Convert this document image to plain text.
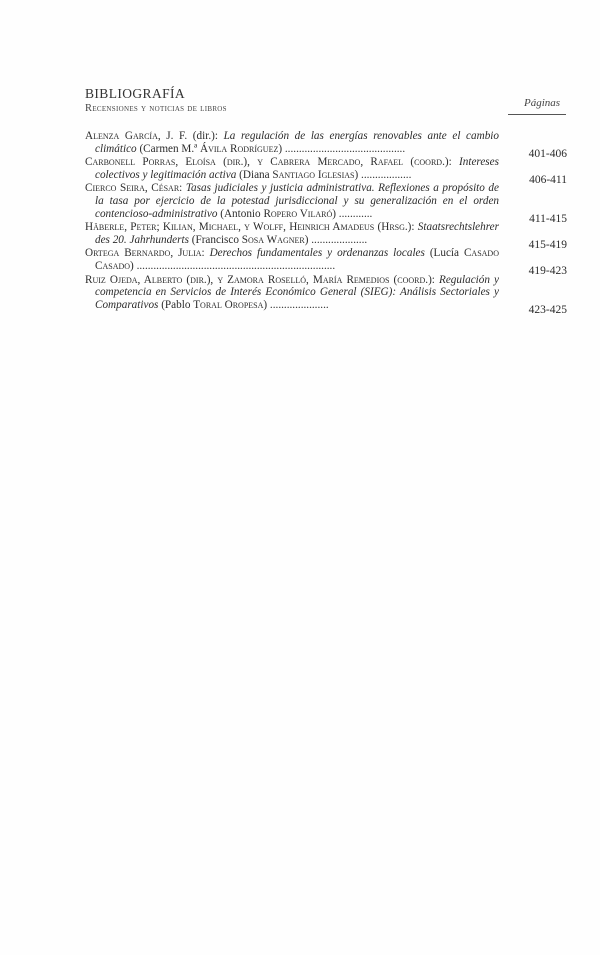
BIBLIOGRAFÍA
Recensiones y noticias de libros	Páginas
Alenza García, J. F. (dir.): La regulación de las energías renovables ante el cambio climático (Carmen M.ª Ávila Rodríguez) ...........................................	401-406
Carbonell Porras, Eloísa (dir.), y Cabrera Mercado, Rafael (coord.): Intereses colectivos y legitimación activa (Diana Santiago Iglesias) ..................	406-411
Cierco Seira, César: Tasas judiciales y justicia administrativa. Reflexiones a propósito de la tasa por ejercicio de la potestad jurisdiccional y su generalización en el orden contencioso-administrativo (Antonio Ropero Vilaró) ............	411-415
Häberle, Peter; Kilian, Michael, y Wolff, Heinrich Amadeus (Hrsg.): Staatsrechtslehrer des 20. Jahrhunderts (Francisco Sosa Wagner) ....................	415-419
Ortega Bernardo, Julia: Derechos fundamentales y ordenanzas locales (Lucía Casado Casado) .......................................................................	419-423
Ruiz Ojeda, Alberto (dir.), y Zamora Roselló, María Remedios (coord.): Regulación y competencia en Servicios de Interés Económico General (SIEG): Análisis Sectoriales y Comparativos (Pablo Toral Oropesa) .....................	423-425
